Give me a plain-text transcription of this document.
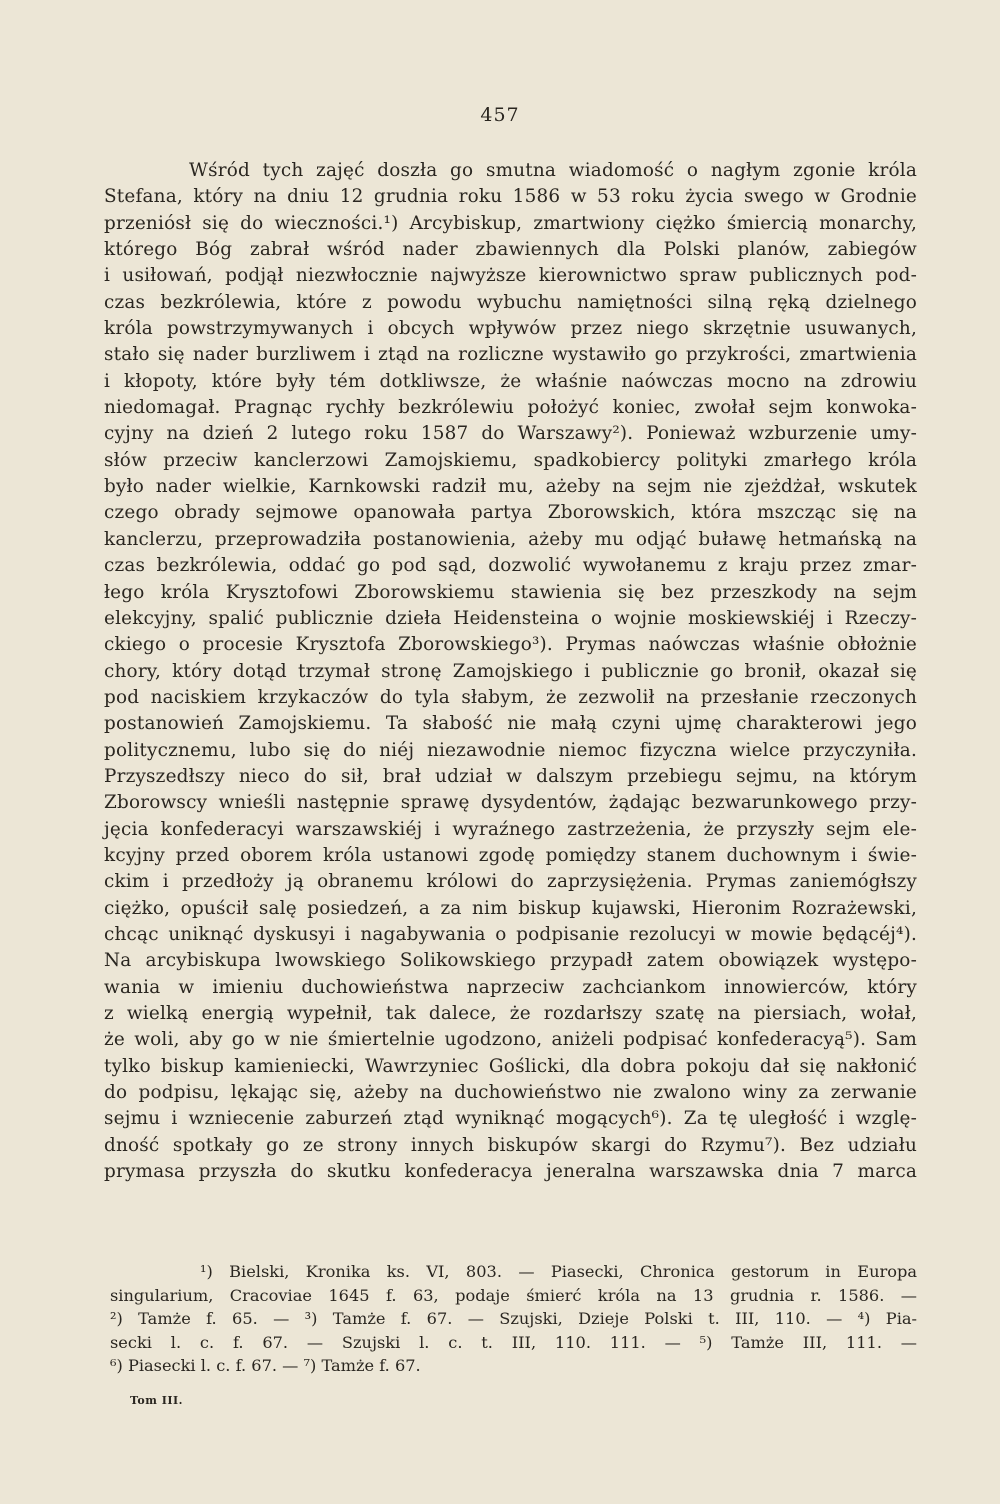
457
Wśród tych zajęć doszła go smutna wiadomość o nagłym zgonie króla
Stefana, który na dniu 12 grudnia roku 1586 w 53 roku życia swego w Grodnie
przeniósł się do wieczności.¹) Arcybiskup, zmartwiony ciężko śmiercią monarchy,
którego Bóg zabrał wśród nader zbawiennych dla Polski planów, zabiegów
i usiłowań, podjął niezwłocznie najwyższe kierownictwo spraw publicznych pod-
czas bezkrólewia, które z powodu wybuchu namiętności silną ręką dzielnego
króla powstrzymywanych i obcych wpływów przez niego skrzętnie usuwanych,
stało się nader burzliwem i ztąd na rozliczne wystawiło go przykrości, zmartwienia
i kłopoty, które były tém dotkliwsze, że właśnie naówczas mocno na zdrowiu
niedomagał. Pragnąc rychły bezkrólewiu położyć koniec, zwołał sejm konwoka-
cyjny na dzień 2 lutego roku 1587 do Warszawy²). Ponieważ wzburzenie umy-
słów przeciw kanclerzowi Zamojskiemu, spadkobiercy polityki zmarłego króla
było nader wielkie, Karnkowski radził mu, ażeby na sejm nie zjeżdżał, wskutek
czego obrady sejmowe opanowała partya Zborowskich, która mszcząc się na
kanclerzu, przeprowadziła postanowienia, ażeby mu odjąć buławę hetmańską na
czas bezkrólewia, oddać go pod sąd, dozwolić wywołanemu z kraju przez zmar-
łego króla Krysztofowi Zborowskiemu stawienia się bez przeszkody na sejm
elekcyjny, spalić publicznie dzieła Heidensteina o wojnie moskiewskiéj i Rzeczy-
ckiego o procesie Krysztofa Zborowskiego³). Prymas naówczas właśnie obłożnie
chory, który dotąd trzymał stronę Zamojskiego i publicznie go bronił, okazał się
pod naciskiem krzykaczów do tyla słabym, że zezwolił na przesłanie rzeczonych
postanowień Zamojskiemu. Ta słabość nie małą czyni ujmę charakterowi jego
politycznemu, lubo się do niéj niezawodnie niemoc fizyczna wielce przyczyniła.
Przyszedłszy nieco do sił, brał udział w dalszym przebiegu sejmu, na którym
Zborowscy wnieśli następnie sprawę dysydentów, żądając bezwarunkowego przy-
jęcia konfederacyi warszawskiéj i wyraźnego zastrzeżenia, że przyszły sejm ele-
kcyjny przed oborem króla ustanowi zgodę pomiędzy stanem duchownym i świe-
ckim i przedłoży ją obranemu królowi do zaprzysiężenia. Prymas zaniemógłszy
ciężko, opuścił salę posiedzeń, a za nim biskup kujawski, Hieronim Rozrażewski,
chcąc uniknąć dyskusyi i nagabywania o podpisanie rezolucyi w mowie będącéj⁴).
Na arcybiskupa lwowskiego Solikowskiego przypadł zatem obowiązek występo-
wania w imieniu duchowieństwa naprzeciw zachciankom innowierców, który
z wielką energią wypełnił, tak dalece, że rozdarłszy szatę na piersiach, wołał,
że woli, aby go w nie śmiertelnie ugodzono, aniżeli podpisać konfederacyą⁵). Sam
tylko biskup kamieniecki, Wawrzyniec Goślicki, dla dobra pokoju dał się nakłonić
do podpisu, lękając się, ażeby na duchowieństwo nie zwalono winy za zerwanie
sejmu i wzniecenie zaburzeń ztąd wyniknąć mogących⁶). Za tę uległość i wzglę-
dność spotkały go ze strony innych biskupów skargi do Rzymu⁷). Bez udziału
prymasa przyszła do skutku konfederacya jeneralna warszawska dnia 7 marca
¹) Bielski, Kronika ks. VI, 803. — Piasecki, Chronica gestorum in Europa
singularium, Cracoviae 1645 f. 63, podaje śmierć króla na 13 grudnia r. 1586. —
²) Tamże f. 65. — ³) Tamże f. 67. — Szujski, Dzieje Polski t. III, 110. — ⁴) Pia-
secki l. c. f. 67. — Szujski l. c. t. III, 110. 111. — ⁵) Tamże III, 111. —
⁶) Piasecki l. c. f. 67. — ⁷) Tamże f. 67.
Tom III.
